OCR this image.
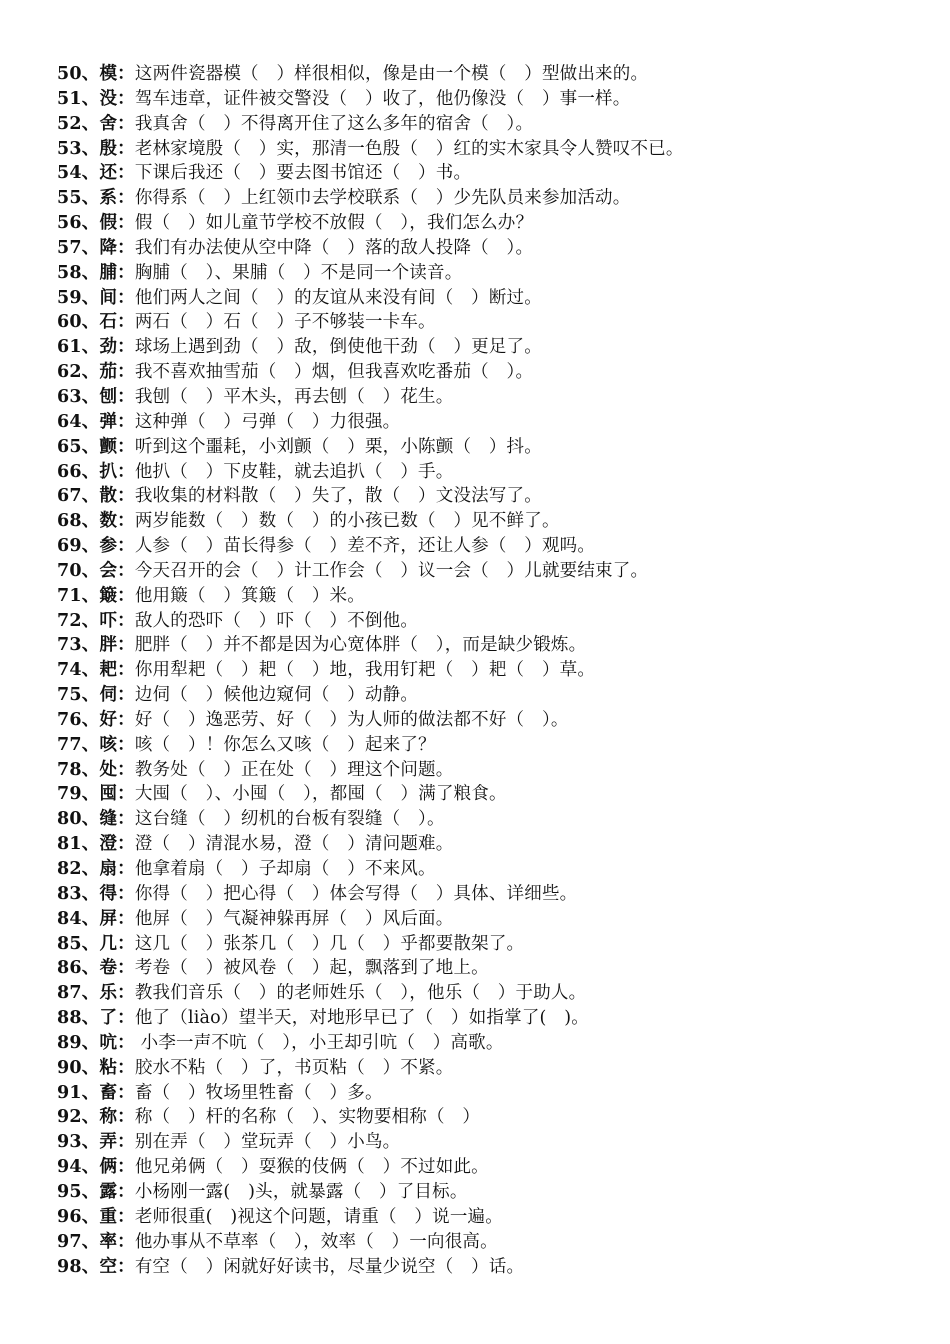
50、模：这两件瓷器模（　）样很相似，像是由一个模（　）型做出来的。
51、没：驾车违章，证件被交警没（　）收了，他仍像没（　）事一样。
52、舍：我真舍（　）不得离开住了这么多年的宿舍（　）。
53、殷：老林家境殷（　）实，那清一色殷（　）红的实木家具令人赞叹不已。
54、还：下课后我还（　）要去图书馆还（　）书。
55、系：你得系（　）上红领巾去学校联系（　）少先队员来参加活动。
56、假：假（　）如儿童节学校不放假（　），我们怎么办？
57、降：我们有办法使从空中降（　）落的敌人投降（　）。
58、脯：胸脯（　）、果脯（　）不是同一个读音。
59、间：他们两人之间（　）的友谊从来没有间（　）断过。
60、石：两石（　）石（　）子不够装一卡车。
61、劲：球场上遇到劲（　）敌，倒使他干劲（　）更足了。
62、茄：我不喜欢抽雪茄（　）烟，但我喜欢吃番茄（　）。
63、刨：我刨（　）平木头，再去刨（　）花生。
64、弹：这种弹（　）弓弹（　）力很强。
65、颤：听到这个噩耗，小刘颤（　）栗，小陈颤（　）抖。
66、扒：他扒（　）下皮鞋，就去追扒（　）手。
67、散：我收集的材料散（　）失了，散（　）文没法写了。
68、数：两岁能数（　）数（　）的小孩已数（　）见不鲜了。
69、参：人参（　）苗长得参（　）差不齐，还让人参（　）观吗。
70、会：今天召开的会（　）计工作会（　）议一会（　）儿就要结束了。
71、簸：他用簸（　）箕簸（　）米。
72、吓：敌人的恐吓（　）吓（　）不倒他。
73、胖：肥胖（　）并不都是因为心宽体胖（　），而是缺少锻炼。
74、耙：你用犁耙（　）耙（　）地，我用钉耙（　）耙（　）草。
75、伺：边伺（　）候他边窥伺（　）动静。
76、好：好（　）逸恶劳、好（　）为人师的做法都不好（　）。
77、咳：咳（　）！你怎么又咳（　）起来了？
78、处：教务处（　）正在处（　）理这个问题。
79、囤：大囤（　）、小囤（　），都囤（　）满了粮食。
80、缝：这台缝（　）纫机的台板有裂缝（　）。
81、澄：澄（　）清混水易，澄（　）清问题难。
82、扇：他拿着扇（　）子却扇（　）不来风。
83、得：你得（　）把心得（　）体会写得（　）具体、详细些。
84、屏：他屏（　）气凝神躲再屏（　）风后面。
85、几：这几（　）张茶几（　）几（　）乎都要散架了。
86、卷：考卷（　）被风卷（　）起，飘落到了地上。
87、乐：教我们音乐（　）的老师姓乐（　），他乐（　）于助人。
88、了：他了（liào）望半天，对地形早已了（　）如指掌了(　)。
89、吭： 小李一声不吭（　），小王却引吭（　）高歌。
90、粘：胶水不粘（　）了，书页粘（　）不紧。
91、畜：畜（　）牧场里牲畜（　）多。
92、称：称（　）杆的名称（　）、实物要相称（　）
93、弄：别在弄（　）堂玩弄（　）小鸟。
94、俩：他兄弟俩（　）耍猴的伎俩（　）不过如此。
95、露：小杨刚一露(　)头，就暴露（　）了目标。
96、重：老师很重(　)视这个问题，请重（　）说一遍。
97、率：他办事从不草率（　），效率（　）一向很高。
98、空：有空（　）闲就好好读书，尽量少说空（　）话。
